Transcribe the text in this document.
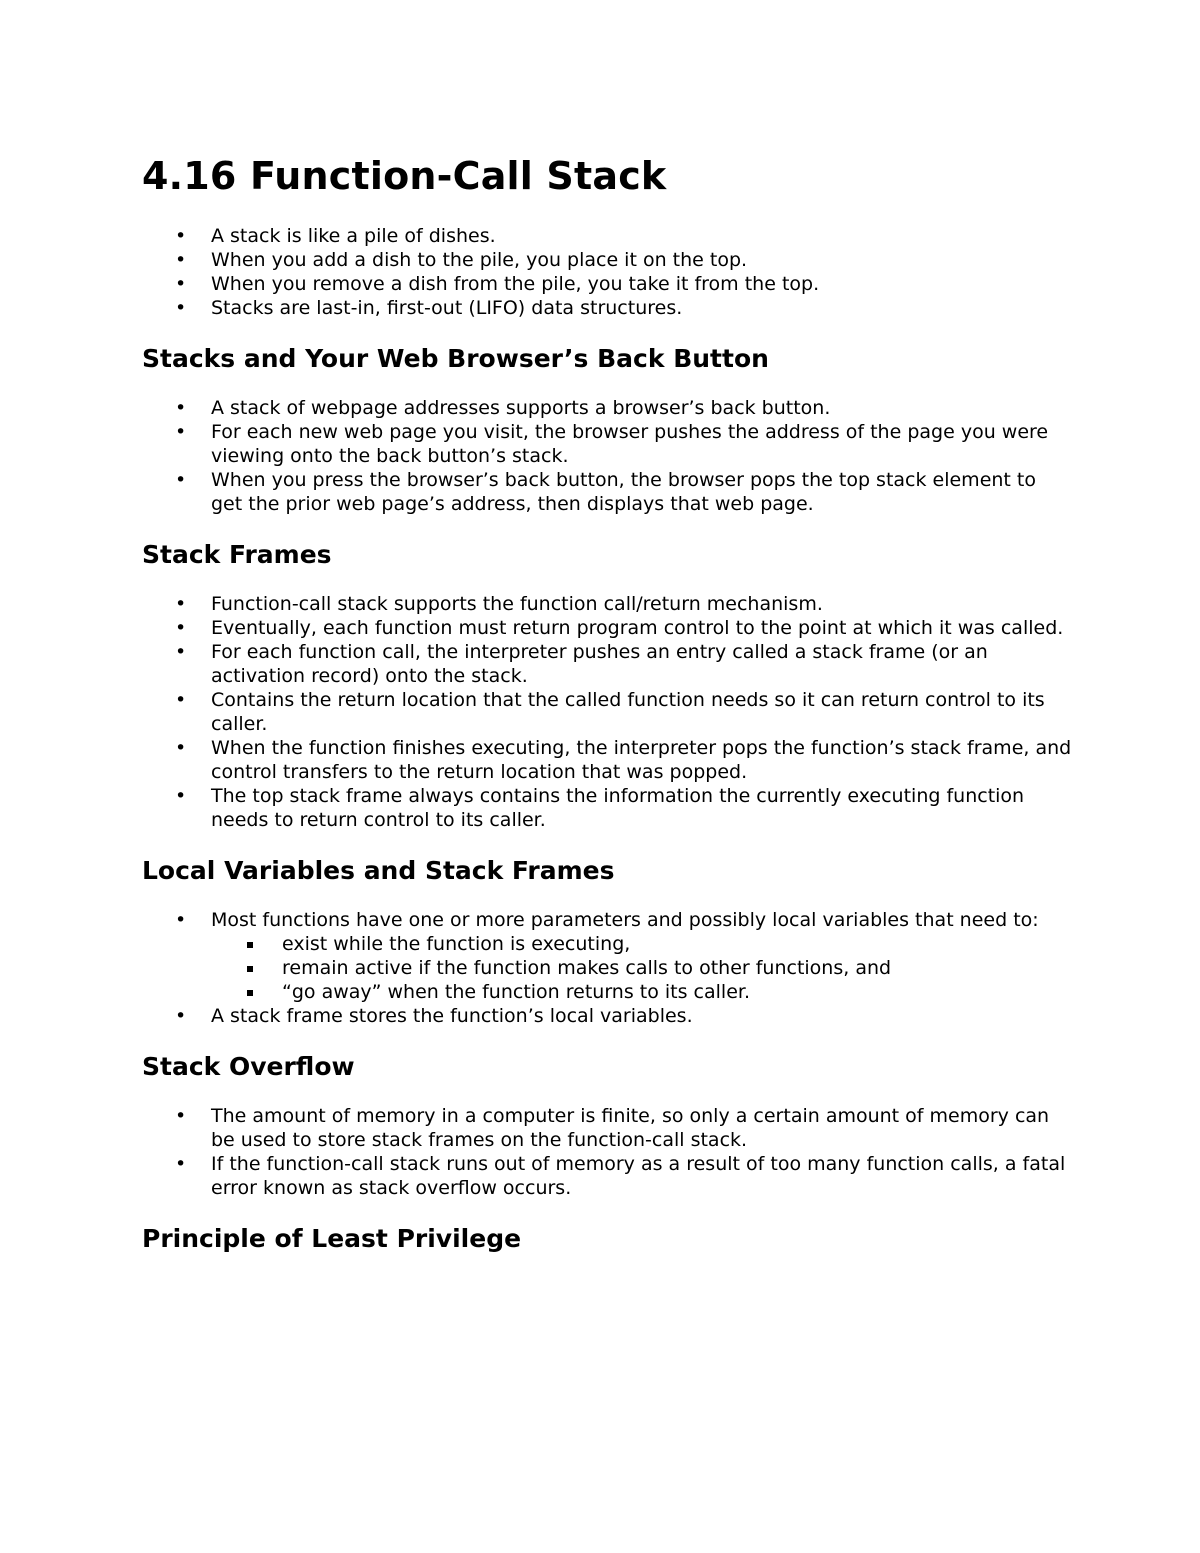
4.16 Function-Call Stack
• A stack is like a pile of dishes.
• When you add a dish to the pile, you place it on the top.
• When you remove a dish from the pile, you take it from the top.
• Stacks are last-in, first-out (LIFO) data structures.
Stacks and Your Web Browser’s Back Button
• A stack of webpage addresses supports a browser’s back button.
• For each new web page you visit, the browser pushes the address of the page you were viewing onto the back button’s stack.
• When you press the browser’s back button, the browser pops the top stack element to get the prior web page’s address, then displays that web page.
Stack Frames
• Function-call stack supports the function call/return mechanism.
• Eventually, each function must return program control to the point at which it was called.
• For each function call, the interpreter pushes an entry called a stack frame (or an activation record) onto the stack.
• Contains the return location that the called function needs so it can return control to its caller.
• When the function finishes executing, the interpreter pops the function’s stack frame, and control transfers to the return location that was popped.
• The top stack frame always contains the information the currently executing function needs to return control to its caller.
Local Variables and Stack Frames
• Most functions have one or more parameters and possibly local variables that need to:
exist while the function is executing,
remain active if the function makes calls to other functions, and
“go away” when the function returns to its caller.
• A stack frame stores the function’s local variables.
Stack Overflow
• The amount of memory in a computer is finite, so only a certain amount of memory can be used to store stack frames on the function-call stack.
• If the function-call stack runs out of memory as a result of too many function calls, a fatal error known as stack overflow occurs.
Principle of Least Privilege
